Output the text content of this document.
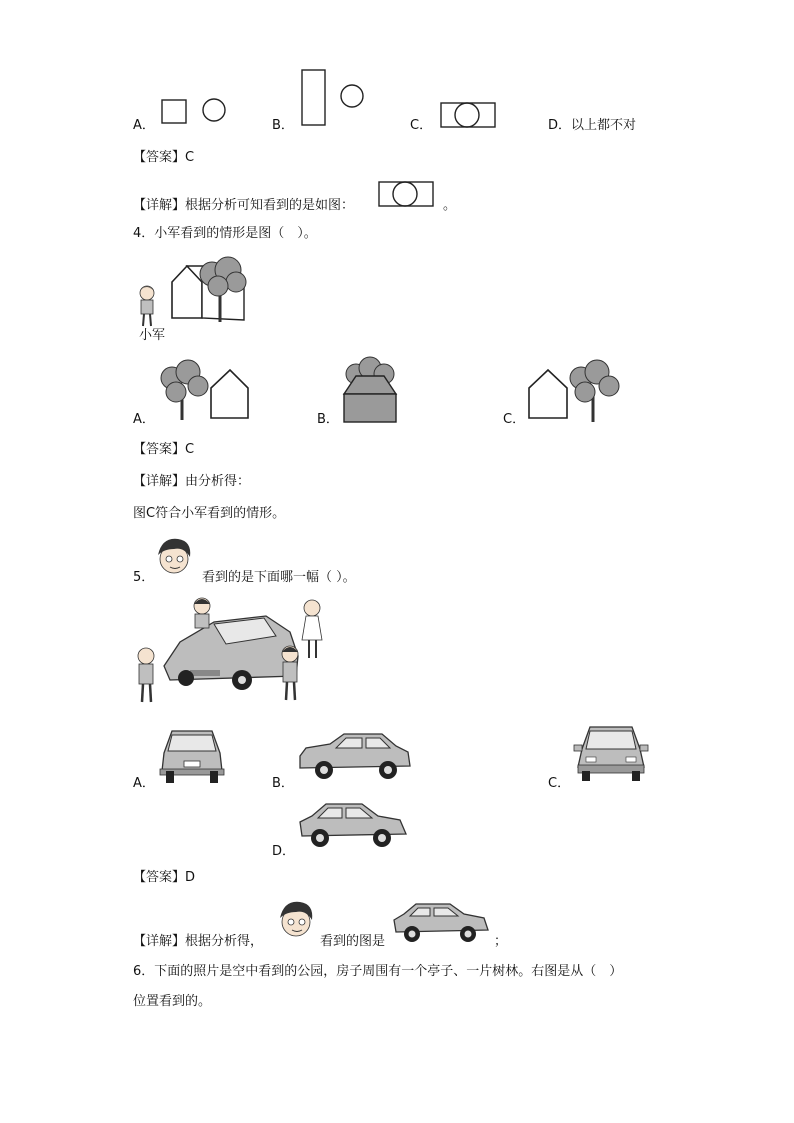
A．	B．	C．	D．以上都不对
【答案】C
【详解】根据分析可知看到的是如图：	。
4．小军看到的情形是图（　）。
小军
A．	B．	C．
【答案】C
【详解】由分析得：
图C符合小军看到的情形。
5．	看到的是下面哪一幅（ ）。
A．	B．	C．
D．
【答案】D
【详解】根据分析得，	看到的图是	；
6．下面的照片是空中看到的公园，房子周围有一个亭子、一片树林。右图是从（　）
位置看到的。
